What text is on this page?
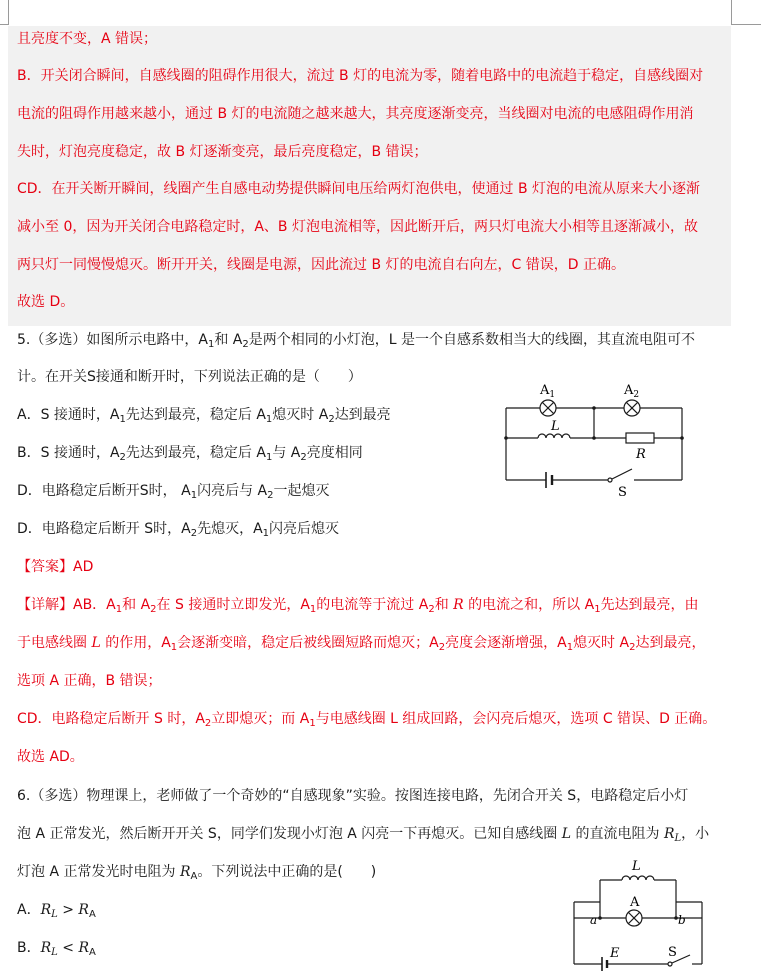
且亮度不变，A 错误；
B．开关闭合瞬间，自感线圈的阻碍作用很大，流过 B 灯的电流为零，随着电路中的电流趋于稳定，自感线圈对
电流的阻碍作用越来越小，通过 B 灯的电流随之越来越大，其亮度逐渐变亮，当线圈对电流的电感阻碍作用消
失时，灯泡亮度稳定，故 B 灯逐渐变亮，最后亮度稳定，B 错误；
CD．在开关断开瞬间，线圈产生自感电动势提供瞬间电压给两灯泡供电，使通过 B 灯泡的电流从原来大小逐渐
减小至 0，因为开关闭合电路稳定时，A、B 灯泡电流相等，因此断开后，两只灯电流大小相等且逐渐减小，故
两只灯一同慢慢熄灭。断开开关，线圈是电源，因此流过 B 灯的电流自右向左，C 错误，D 正确。
故选 D。
5.（多选）如图所示电路中，$A_1$和 $A_2$是两个相同的小灯泡，L 是一个自感系数相当大的线圈，其直流电阻可不
计。在开关S接通和断开时，下列说法正确的是（　　）
A．S 接通时，$A_1$先达到最亮，稳定后 $A_1$熄灭时 $A_2$达到最亮
B．S 接通时，$A_2$先达到最亮，稳定后 $A_1$与 $A_2$亮度相同
D．电路稳定后断开S时， $A_1$闪亮后与 $A_2$一起熄灭
D．电路稳定后断开 S时，$A_2$先熄灭，$A_1$闪亮后熄灭
【答案】AD
【详解】AB．$A_1$和 $A_2$在 S 接通时立即发光，$A_1$的电流等于流过 $A_2$和 R 的电流之和，所以 $A_1$先达到最亮，由
于电感线圈 L 的作用，$A_1$会逐渐变暗，稳定后被线圈短路而熄灭；$A_2$亮度会逐渐增强，$A_1$熄灭时 $A_2$达到最亮，
选项 A 正确，B 错误；
CD．电路稳定后断开 S 时，$A_2$立即熄灭；而 $A_1$与电感线圈 L 组成回路，会闪亮后熄灭，选项 C 错误、D 正确。
故选 AD。
6.（多选）物理课上，老师做了一个奇妙的“自感现象”实验。按图连接电路，先闭合开关 S，电路稳定后小灯
泡 A 正常发光，然后断开开关 S，同学们发现小灯泡 A 闪亮一下再熄灭。已知自感线圈 L 的直流电阻为 $R_L$，小
灯泡 A 正常发光时电阻为 $R_A$。下列说法中正确的是(　　)
A．$R_L > R_A$
B．$R_L < R_A$
$A_1$	$A_2$
L
R
S
L
A
a	b
E	S
